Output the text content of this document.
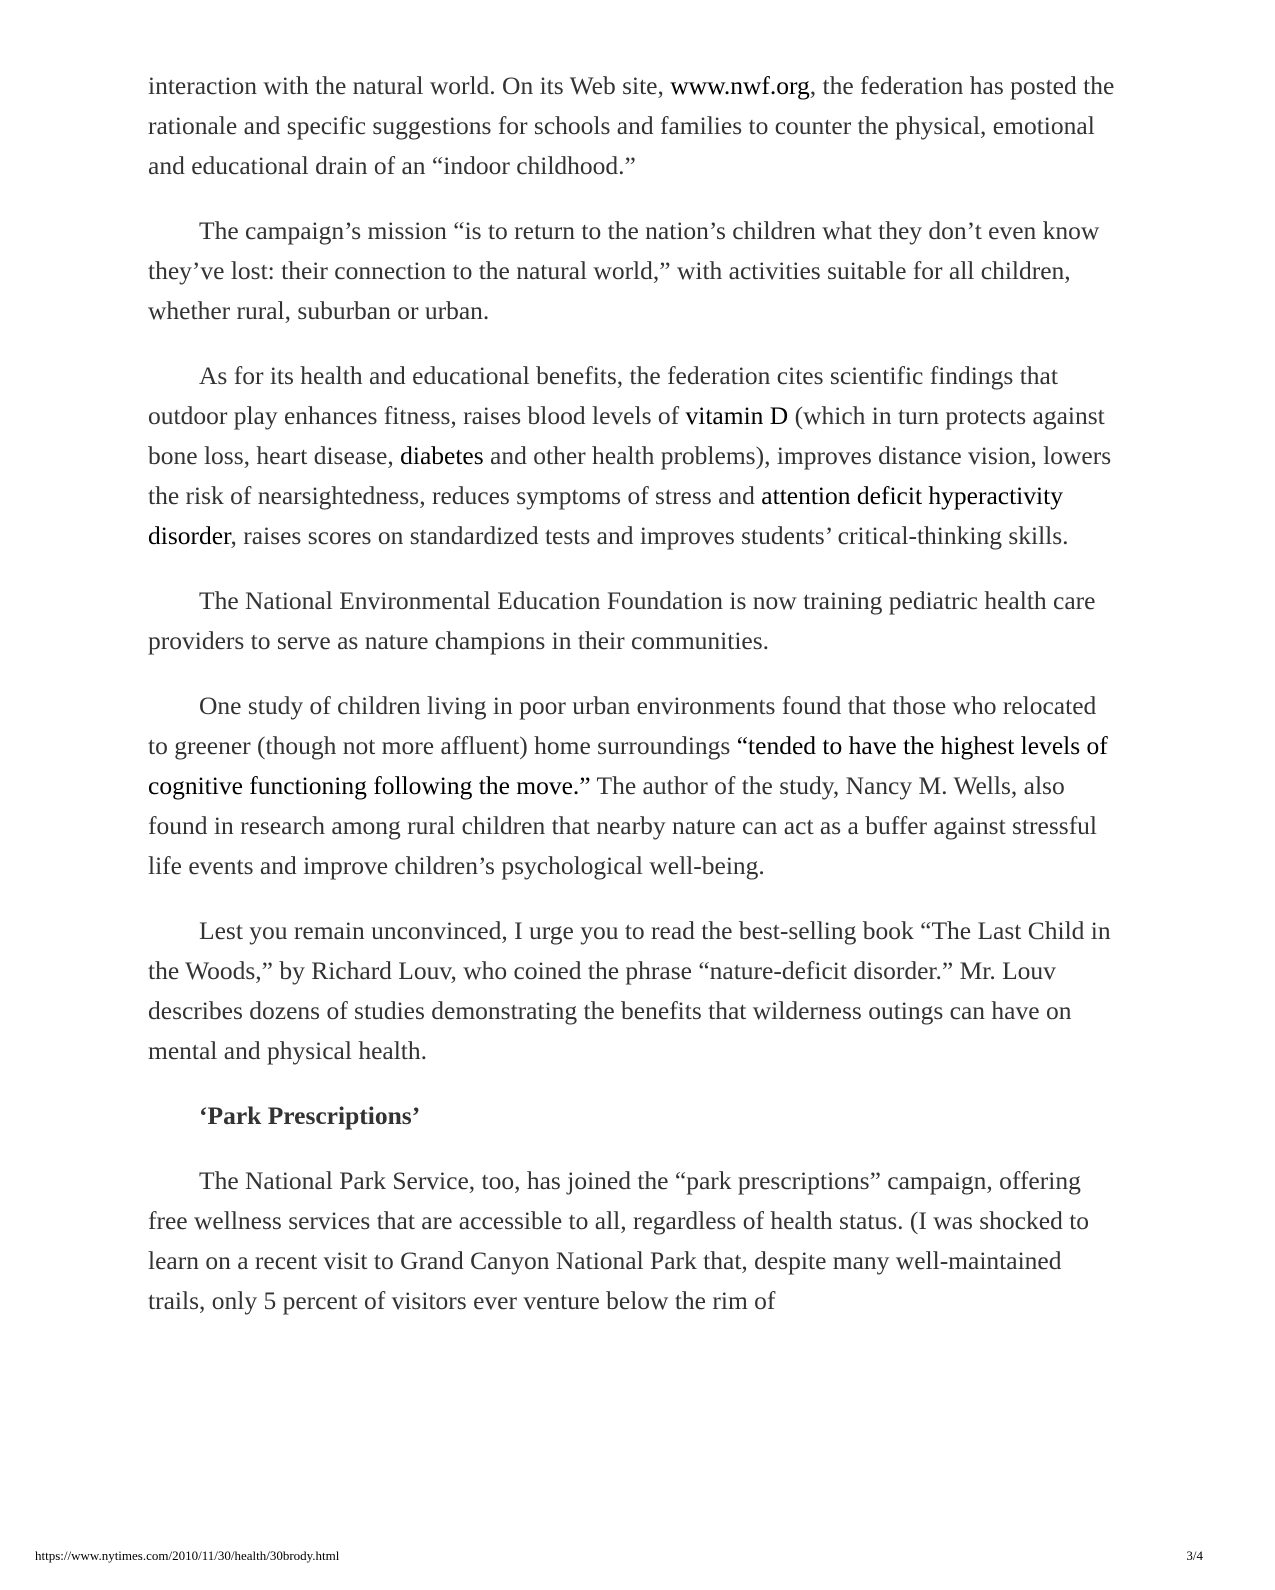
interaction with the natural world. On its Web site, www.nwf.org, the federation has posted the rationale and specific suggestions for schools and families to counter the physical, emotional and educational drain of an “indoor childhood.”

The campaign’s mission “is to return to the nation’s children what they don’t even know they’ve lost: their connection to the natural world,” with activities suitable for all children, whether rural, suburban or urban.

As for its health and educational benefits, the federation cites scientific findings that outdoor play enhances fitness, raises blood levels of vitamin D (which in turn protects against bone loss, heart disease, diabetes and other health problems), improves distance vision, lowers the risk of nearsightedness, reduces symptoms of stress and attention deficit hyperactivity disorder, raises scores on standardized tests and improves students’ critical-thinking skills.

The National Environmental Education Foundation is now training pediatric health care providers to serve as nature champions in their communities.

One study of children living in poor urban environments found that those who relocated to greener (though not more affluent) home surroundings “tended to have the highest levels of cognitive functioning following the move.” The author of the study, Nancy M. Wells, also found in research among rural children that nearby nature can act as a buffer against stressful life events and improve children’s psychological well-being.

Lest you remain unconvinced, I urge you to read the best-selling book “The Last Child in the Woods,” by Richard Louv, who coined the phrase “nature-deficit disorder.” Mr. Louv describes dozens of studies demonstrating the benefits that wilderness outings can have on mental and physical health.

‘Park Prescriptions’

The National Park Service, too, has joined the “park prescriptions” campaign, offering free wellness services that are accessible to all, regardless of health status. (I was shocked to learn on a recent visit to Grand Canyon National Park that, despite many well-maintained trails, only 5 percent of visitors ever venture below the rim of

https://www.nytimes.com/2010/11/30/health/30brody.html	3/4
